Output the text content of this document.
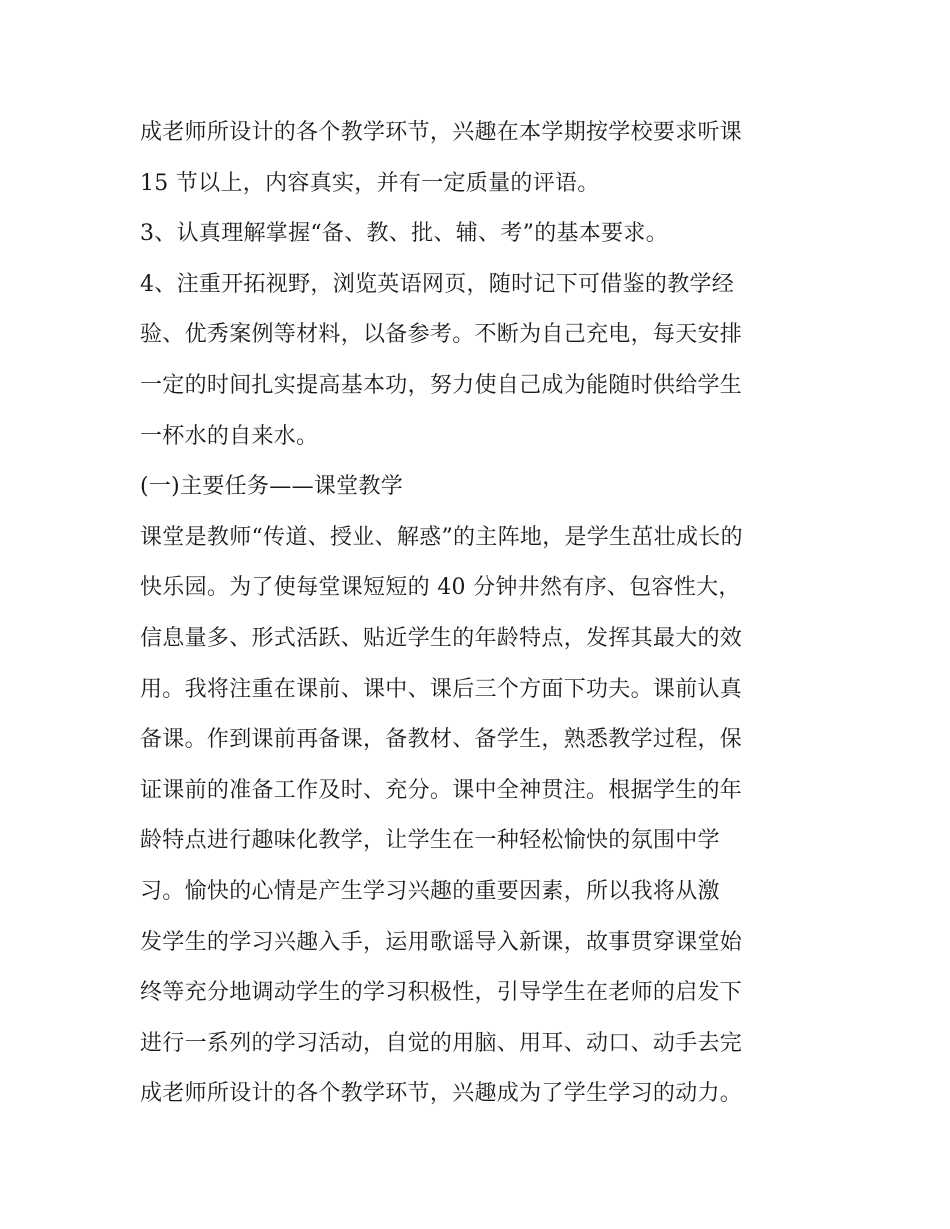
成老师所设计的各个教学环节，兴趣在本学期按学校要求听课
15 节以上，内容真实，并有一定质量的评语。
3、认真理解掌握“备、教、批、辅、考”的基本要求。
4、注重开拓视野，浏览英语网页，随时记下可借鉴的教学经
验、优秀案例等材料，以备参考。不断为自己充电，每天安排
一定的时间扎实提高基本功，努力使自己成为能随时供给学生
一杯水的自来水。
(一)主要任务——课堂教学
课堂是教师“传道、授业、解惑”的主阵地，是学生茁壮成长的
快乐园。为了使每堂课短短的 40 分钟井然有序、包容性大，
信息量多、形式活跃、贴近学生的年龄特点，发挥其最大的效
用。我将注重在课前、课中、课后三个方面下功夫。课前认真
备课。作到课前再备课，备教材、备学生，熟悉教学过程，保
证课前的准备工作及时、充分。课中全神贯注。根据学生的年
龄特点进行趣味化教学，让学生在一种轻松愉快的氛围中学
习。愉快的心情是产生学习兴趣的重要因素，所以我将从激
发学生的学习兴趣入手，运用歌谣导入新课，故事贯穿课堂始
终等充分地调动学生的学习积极性，引导学生在老师的启发下
进行一系列的学习活动，自觉的用脑、用耳、动口、动手去完
成老师所设计的各个教学环节，兴趣成为了学生学习的动力。
